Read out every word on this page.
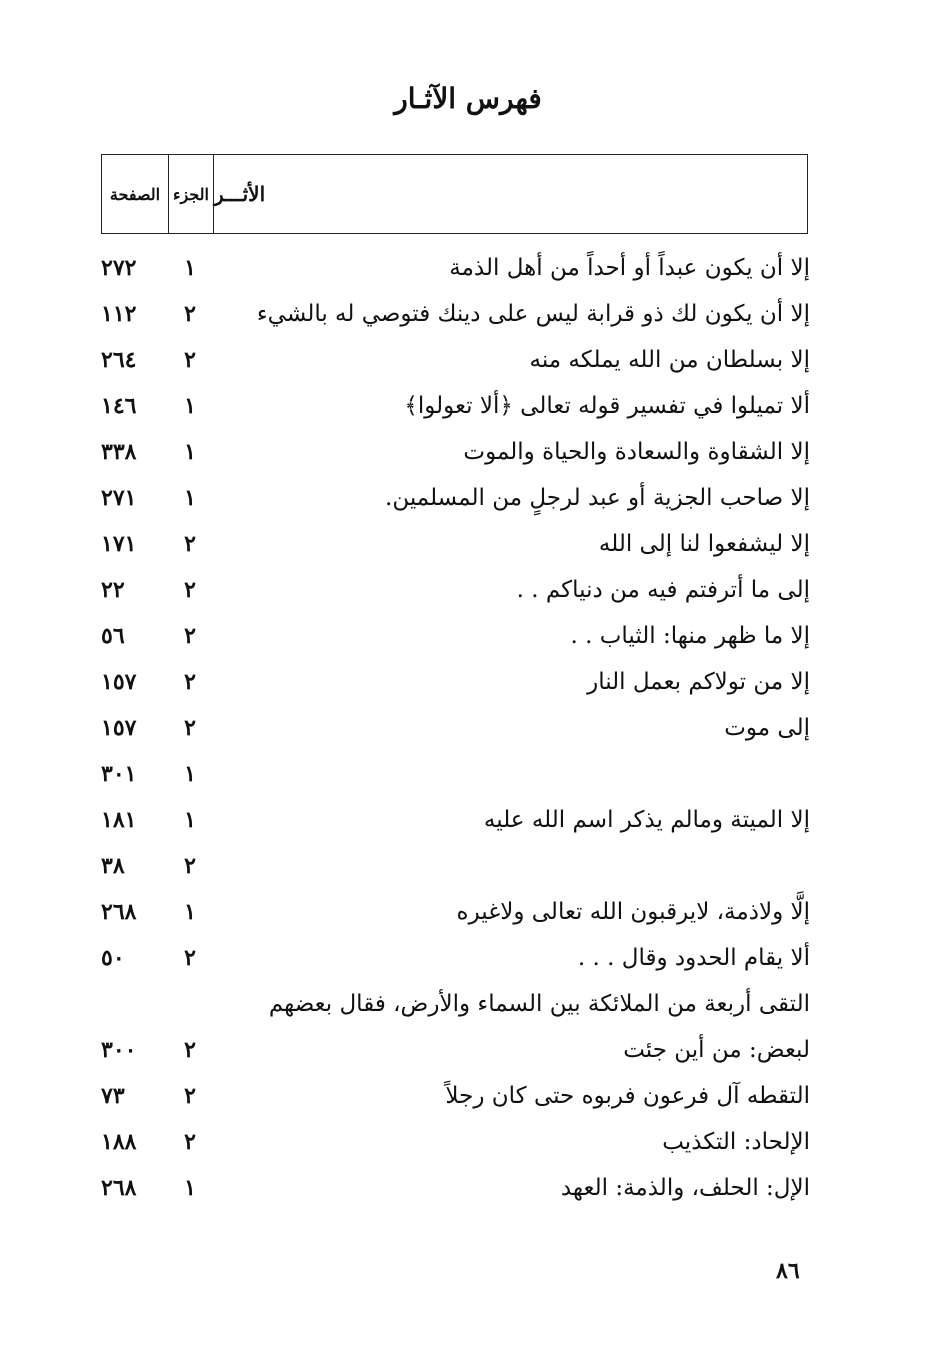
فهرس الآثـار
الأثـــر
الجزء
الصفحة
إلا أن يكون عبداً أو أحداً من أهل الذمة
١
٢٧٢
إلا أن يكون لك ذو قرابة ليس على دينك فتوصي له بالشيء
٢
١١٢
إلا بسلطان من الله يملكه منه
٢
٢٦٤
ألا تميلوا في تفسير قوله تعالى ﴿ألا تعولوا﴾
١
١٤٦
إلا الشقاوة والسعادة والحياة والموت
١
٣٣٨
إلا صاحب الجزية أو عبد لرجلٍ من المسلمين.
١
٢٧١
إلا ليشفعوا لنا إلى الله
٢
١٧١
إلى ما أترفتم فيه من دنياكم . .
٢
٢٢
إلا ما ظهر منها: الثياب . .
٢
٥٦
إلا من تولاكم بعمل النار
٢
١٥٧
إلى موت
٢
١٥٧
١
٣٠١
إلا الميتة ومالم يذكر اسم الله عليه
١
١٨١
٢
٣٨
إلَّا ولاذمة، لايرقبون الله تعالى ولاغيره
١
٢٦٨
ألا يقام الحدود وقال . . .
٢
٥٠
التقى أربعة من الملائكة بين السماء والأرض، فقال بعضهم
لبعض: من أين جئت
٢
٣٠٠
التقطه آل فرعون فربوه حتى كان رجلاً
٢
٧٣
الإلحاد: التكذيب
٢
١٨٨
الإل: الحلف، والذمة: العهد
١
٢٦٨
٨٦
